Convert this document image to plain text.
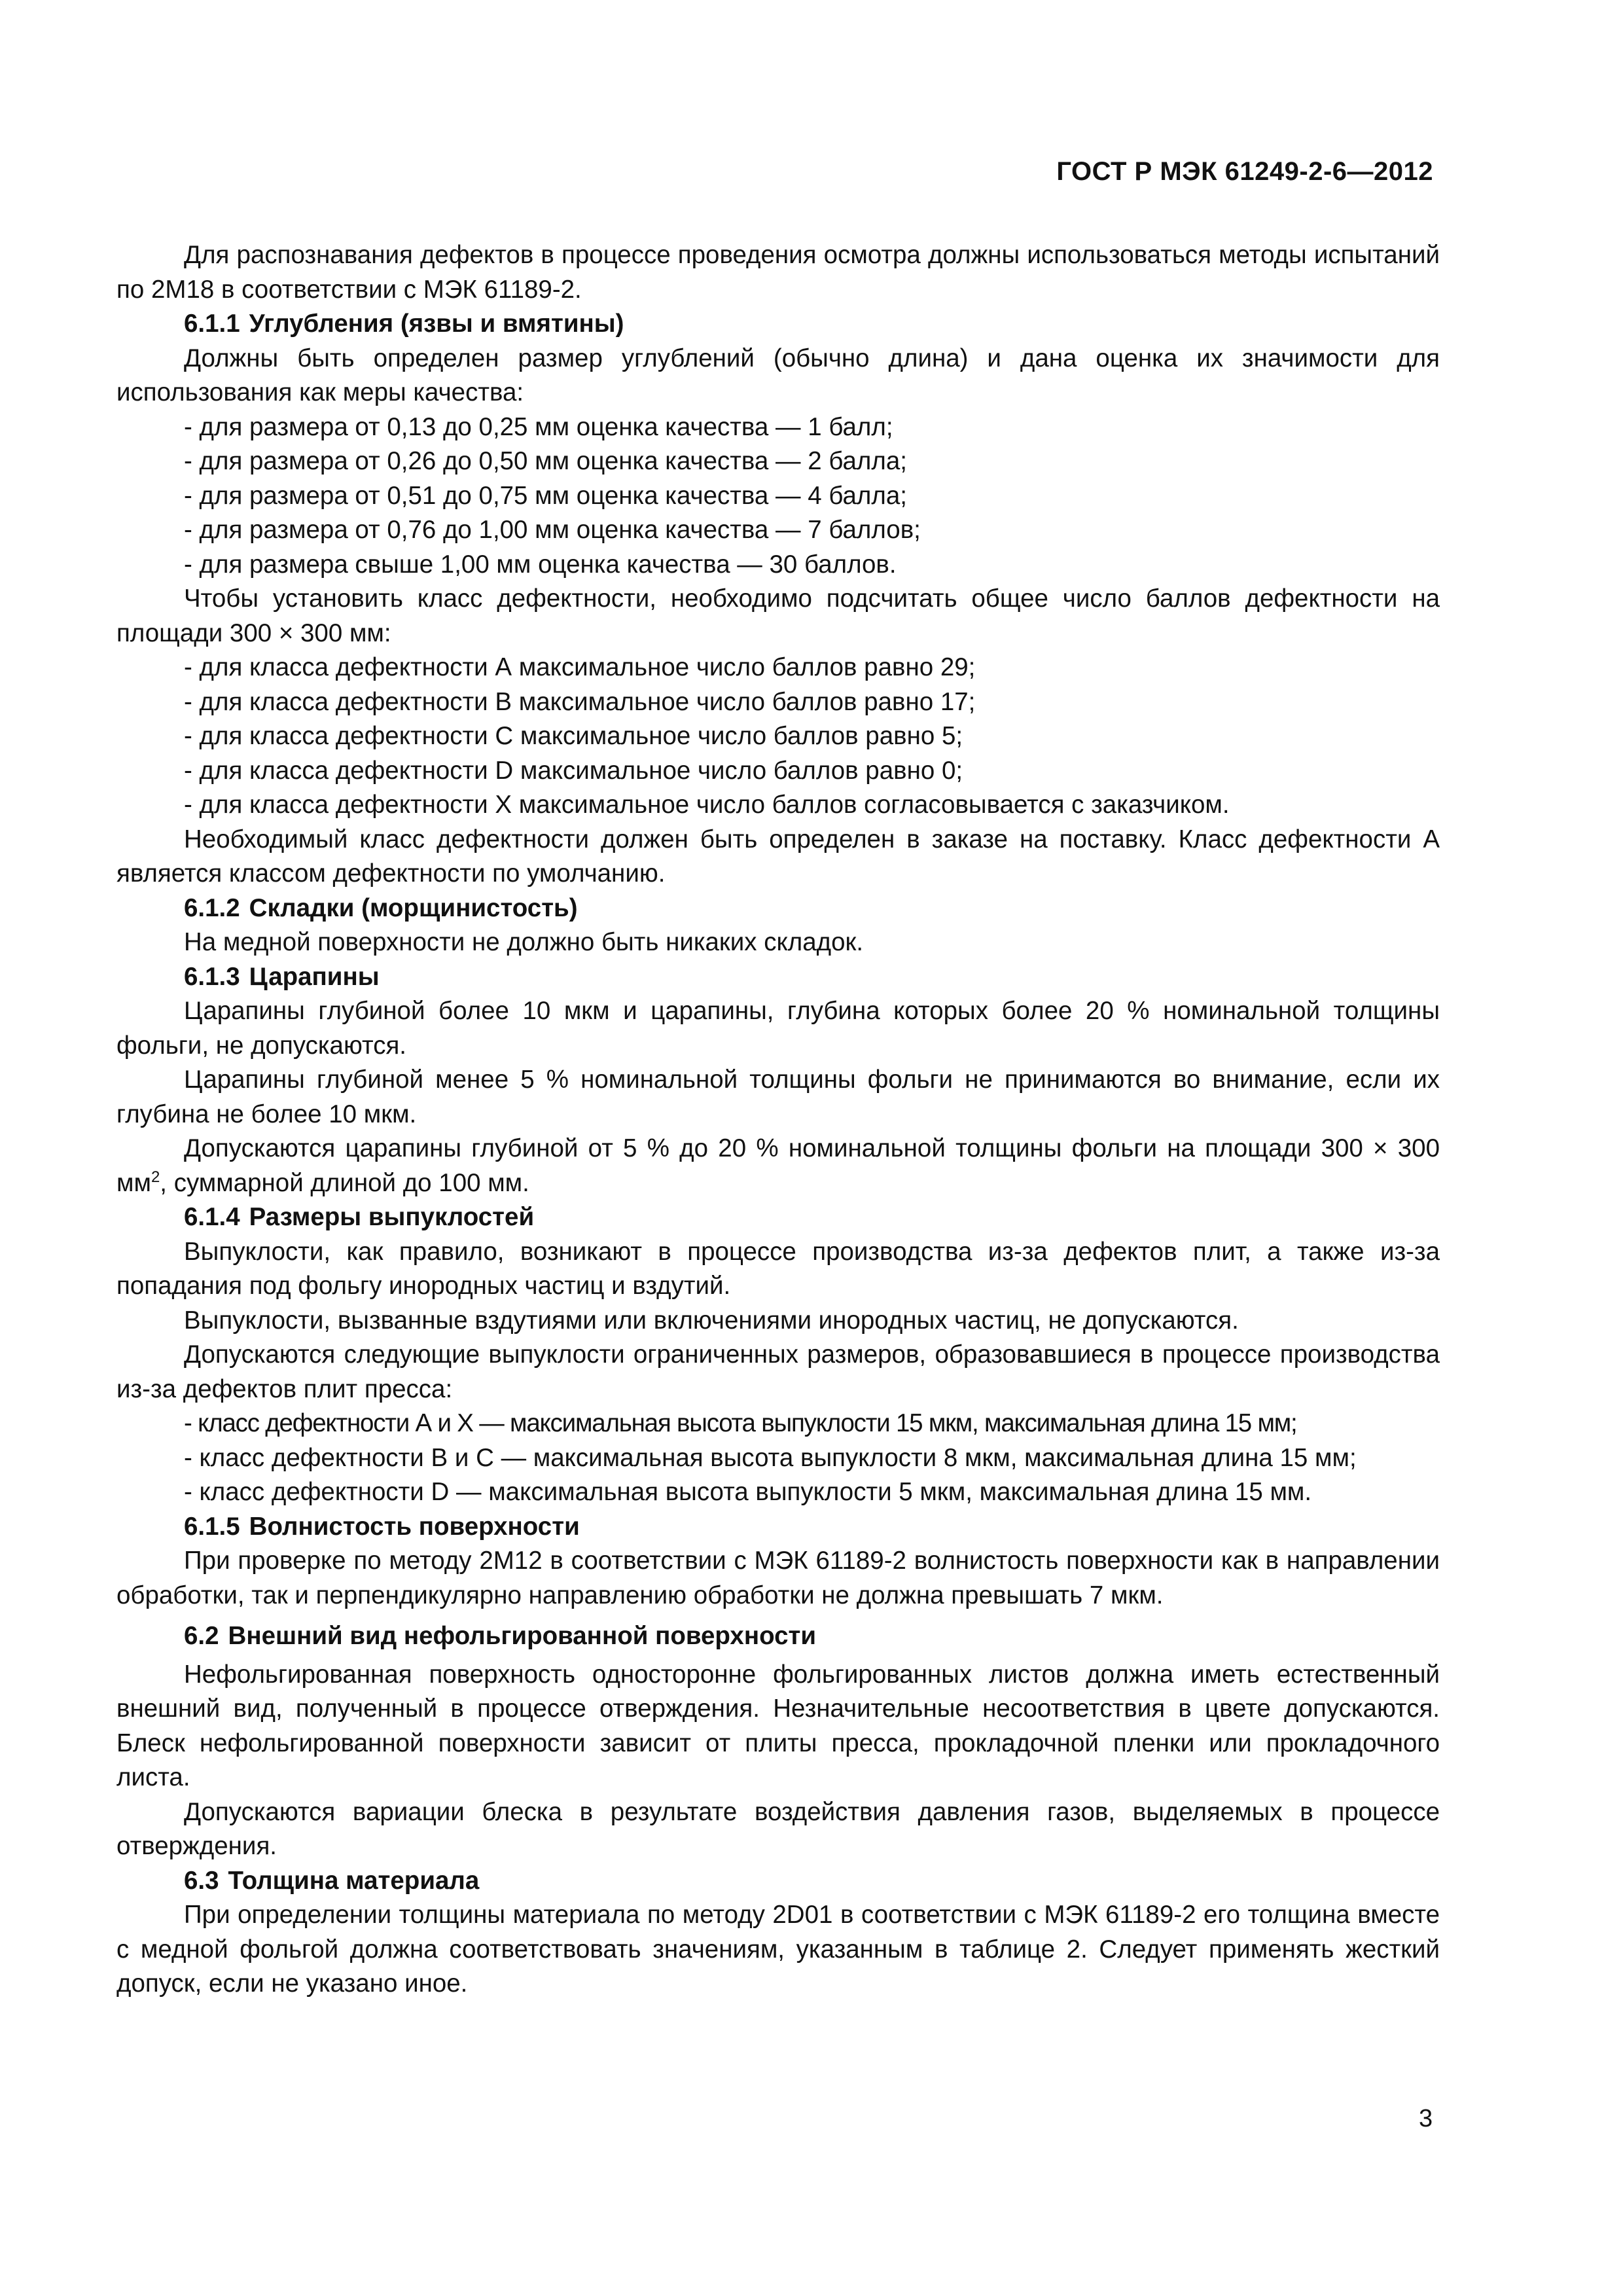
ГОСТ Р МЭК 61249-2-6—2012

Для распознавания дефектов в процессе проведения осмотра должны использоваться методы испытаний по 2М18 в соответствии с МЭК 61189-2.

6.1.1 Углубления (язвы и вмятины)

Должны быть определен размер углублений (обычно длина) и дана оценка их значимости для использования как меры качества:

- для размера от 0,13 до 0,25 мм оценка качества — 1 балл;

- для размера от 0,26 до 0,50 мм оценка качества — 2 балла;

- для размера от 0,51 до 0,75 мм оценка качества — 4 балла;

- для размера от 0,76 до 1,00 мм оценка качества — 7 баллов;

- для размера свыше 1,00 мм оценка качества — 30 баллов.

Чтобы установить класс дефектности, необходимо подсчитать общее число баллов дефектности на площади 300 × 300 мм:

- для класса дефектности А максимальное число баллов равно 29;

- для класса дефектности В максимальное число баллов равно 17;

- для класса дефектности С максимальное число баллов равно 5;

- для класса дефектности D максимальное число баллов равно 0;

- для класса дефектности Х максимальное число баллов согласовывается с заказчиком.

Необходимый класс дефектности должен быть определен в заказе на поставку. Класс дефектности А является классом дефектности по умолчанию.

6.1.2 Складки (морщинистость)

На медной поверхности не должно быть никаких складок.

6.1.3 Царапины

Царапины глубиной более 10 мкм и царапины, глубина которых более 20 % номинальной толщины фольги, не допускаются.

Царапины глубиной менее 5 % номинальной толщины фольги не принимаются во внимание, если их глубина не более 10 мкм.

Допускаются царапины глубиной от 5 % до 20 % номинальной толщины фольги на площади 300 × 300 $мм^2$, суммарной длиной до 100 мм.

6.1.4 Размеры выпуклостей

Выпуклости, как правило, возникают в процессе производства из-за дефектов плит, а также из-за попадания под фольгу инородных частиц и вздутий.

Выпуклости, вызванные вздутиями или включениями инородных частиц, не допускаются.

Допускаются следующие выпуклости ограниченных размеров, образовавшиеся в процессе производства из-за дефектов плит пресса:

- класс дефектности А и Х — максимальная высота выпуклости 15 мкм, максимальная длина 15 мм;

- класс дефектности В и С — максимальная высота выпуклости 8 мкм, максимальная длина 15 мм;

- класс дефектности D — максимальная высота выпуклости 5 мкм, максимальная длина 15 мм.

6.1.5 Волнистость поверхности

При проверке по методу 2М12 в соответствии с МЭК 61189-2 волнистость поверхности как в направлении обработки, так и перпендикулярно направлению обработки не должна превышать 7 мкм.

6.2 Внешний вид нефольгированной поверхности

Нефольгированная поверхность односторонне фольгированных листов должна иметь естественный внешний вид, полученный в процессе отверждения. Незначительные несоответствия в цвете допускаются. Блеск нефольгированной поверхности зависит от плиты пресса, прокладочной пленки или прокладочного листа.

Допускаются вариации блеска в результате воздействия давления газов, выделяемых в процессе отверждения.

6.3 Толщина материала

При определении толщины материала по методу 2D01 в соответствии с МЭК 61189-2 его толщина вместе с медной фольгой должна соответствовать значениям, указанным в таблице 2. Следует применять жесткий допуск, если не указано иное.

3
